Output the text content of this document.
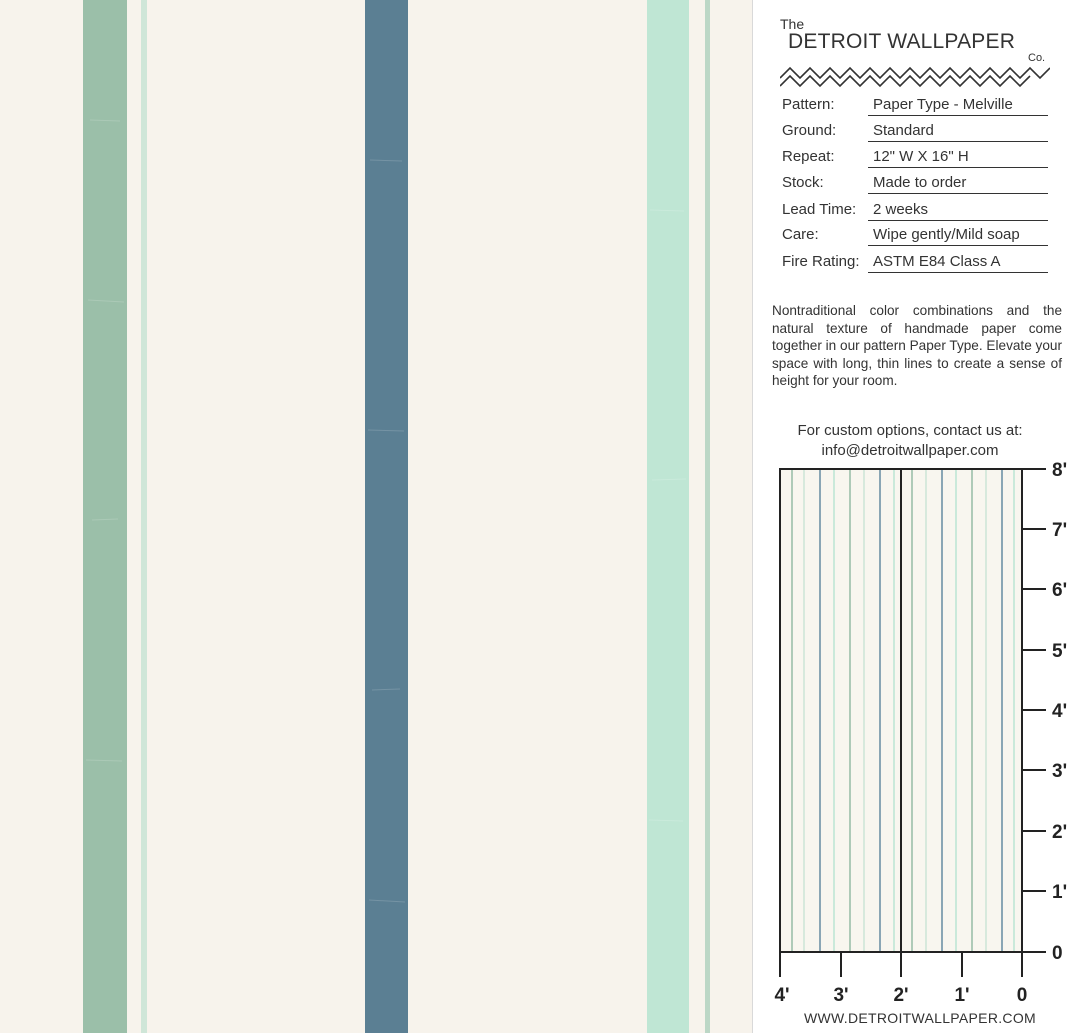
The
DETROIT WALLPAPER
Co.
Pattern:	Paper Type - Melville
Ground: Standard
Repeat:	12" W X 16" H
Stock:	Made to order
Lead Time: 2 weeks
Care:	Wipe gently/Mild soap
Fire Rating: ASTM E84 Class A
Nontraditional color combinations and the natural texture of handmade paper come together in our pattern Paper Type. Elevate your space with long, thin lines to create a sense of height for your room.
For custom options, contact us at:
info@detroitwallpaper.com
8'
7'
6'
5'
4'
3'
2'
1'
0
4' 3' 2' 1' 0
WWW.DETROITWALLPAPER.COM
